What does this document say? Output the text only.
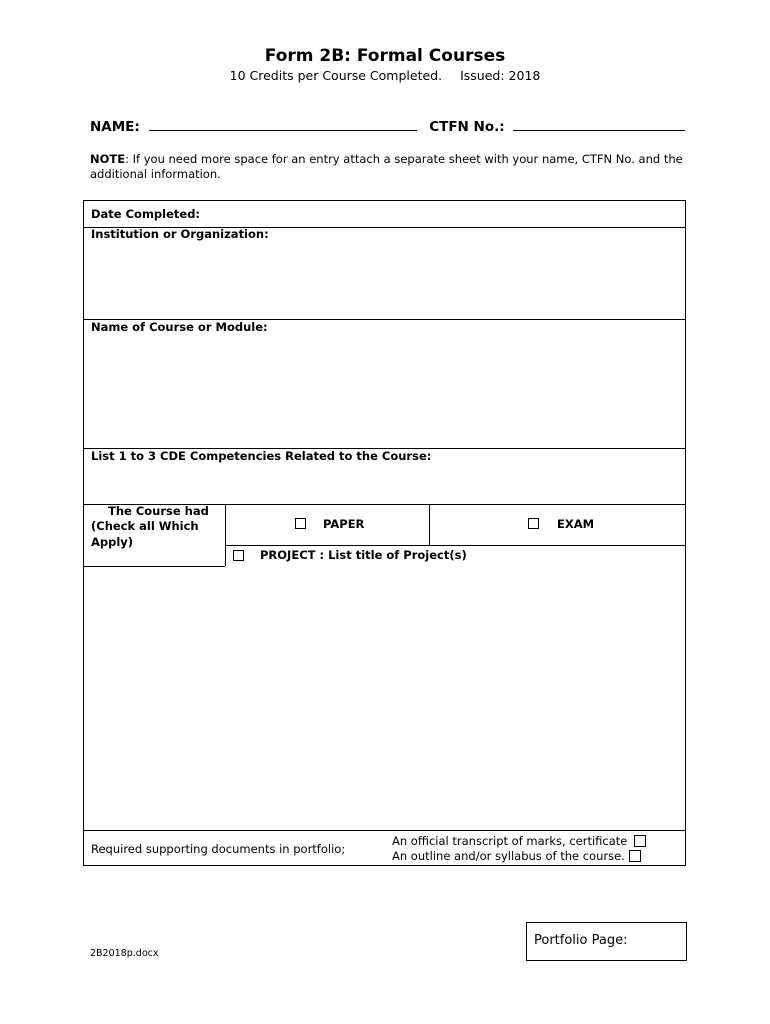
Form 2B: Formal Courses
10 Credits per Course Completed. Issued: 2018
NAME:	CTFN No.:
NOTE: If you need more space for an entry attach a separate sheet with your name, CTFN No. and the additional information.
Date Completed:
Institution or Organization:
Name of Course or Module:
List 1 to 3 CDE Competencies Related to the Course:
The Course had
(Check all Which
Apply)
PAPER	EXAM
PROJECT : List title of Project(s)
Required supporting documents in portfolio;
An official transcript of marks, certificate
An outline and/or syllabus of the course.
Portfolio Page:
2B2018p.docx
